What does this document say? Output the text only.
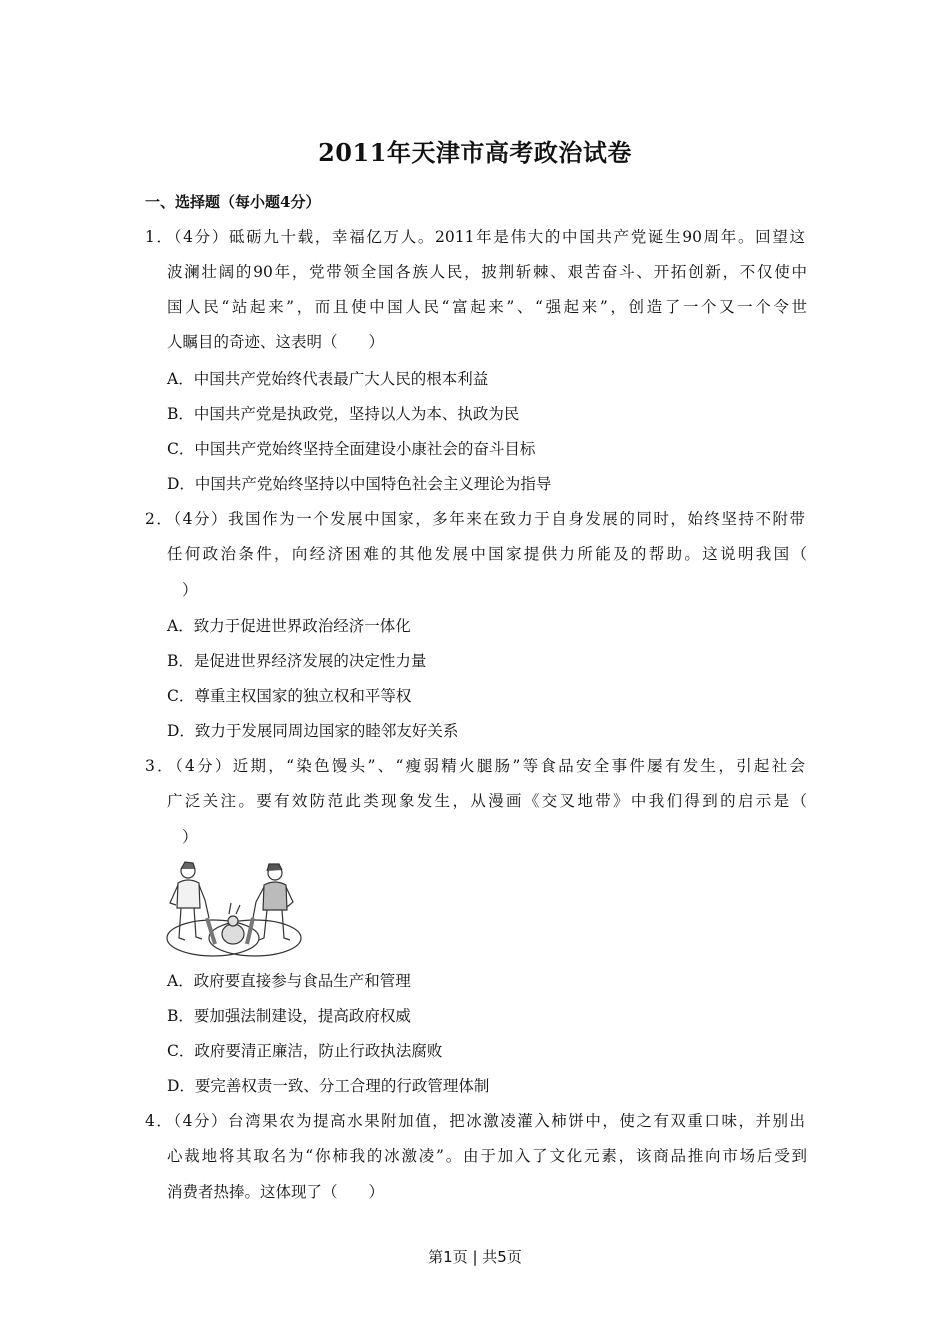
2011年天津市高考政治试卷
一、选择题（每小题4分）
1．（4分）砥砺九十载，幸福亿万人。2011年是伟大的中国共产党诞生90周年。回望这
波澜壮阔的90年，党带领全国各族人民，披荆斩棘、艰苦奋斗、开拓创新，不仅使中
国人民“站起来”，而且使中国人民“富起来”、“强起来”，创造了一个又一个令世
人瞩目的奇迹、这表明（　　）
A．中国共产党始终代表最广大人民的根本利益
B．中国共产党是执政党，坚持以人为本、执政为民
C．中国共产党始终坚持全面建设小康社会的奋斗目标
D．中国共产党始终坚持以中国特色社会主义理论为指导
2．（4分）我国作为一个发展中国家，多年来在致力于自身发展的同时，始终坚持不附带
任何政治条件，向经济困难的其他发展中国家提供力所能及的帮助。这说明我国（
）
A．致力于促进世界政治经济一体化
B．是促进世界经济发展的决定性力量
C．尊重主权国家的独立权和平等权
D．致力于发展同周边国家的睦邻友好关系
3．（4分）近期，“染色馒头”、“瘦弱精火腿肠”等食品安全事件屡有发生，引起社会
广泛关注。要有效防范此类现象发生，从漫画《交叉地带》中我们得到的启示是（
）
A．政府要直接参与食品生产和管理
B．要加强法制建设，提高政府权威
C．政府要清正廉洁，防止行政执法腐败
D．要完善权责一致、分工合理的行政管理体制
4．（4分）台湾果农为提高水果附加值，把冰激凌灌入柿饼中，使之有双重口味，并别出
心裁地将其取名为“你柿我的冰激凌”。由于加入了文化元素，该商品推向市场后受到
消费者热捧。这体现了（　　）
第1页 | 共5页
